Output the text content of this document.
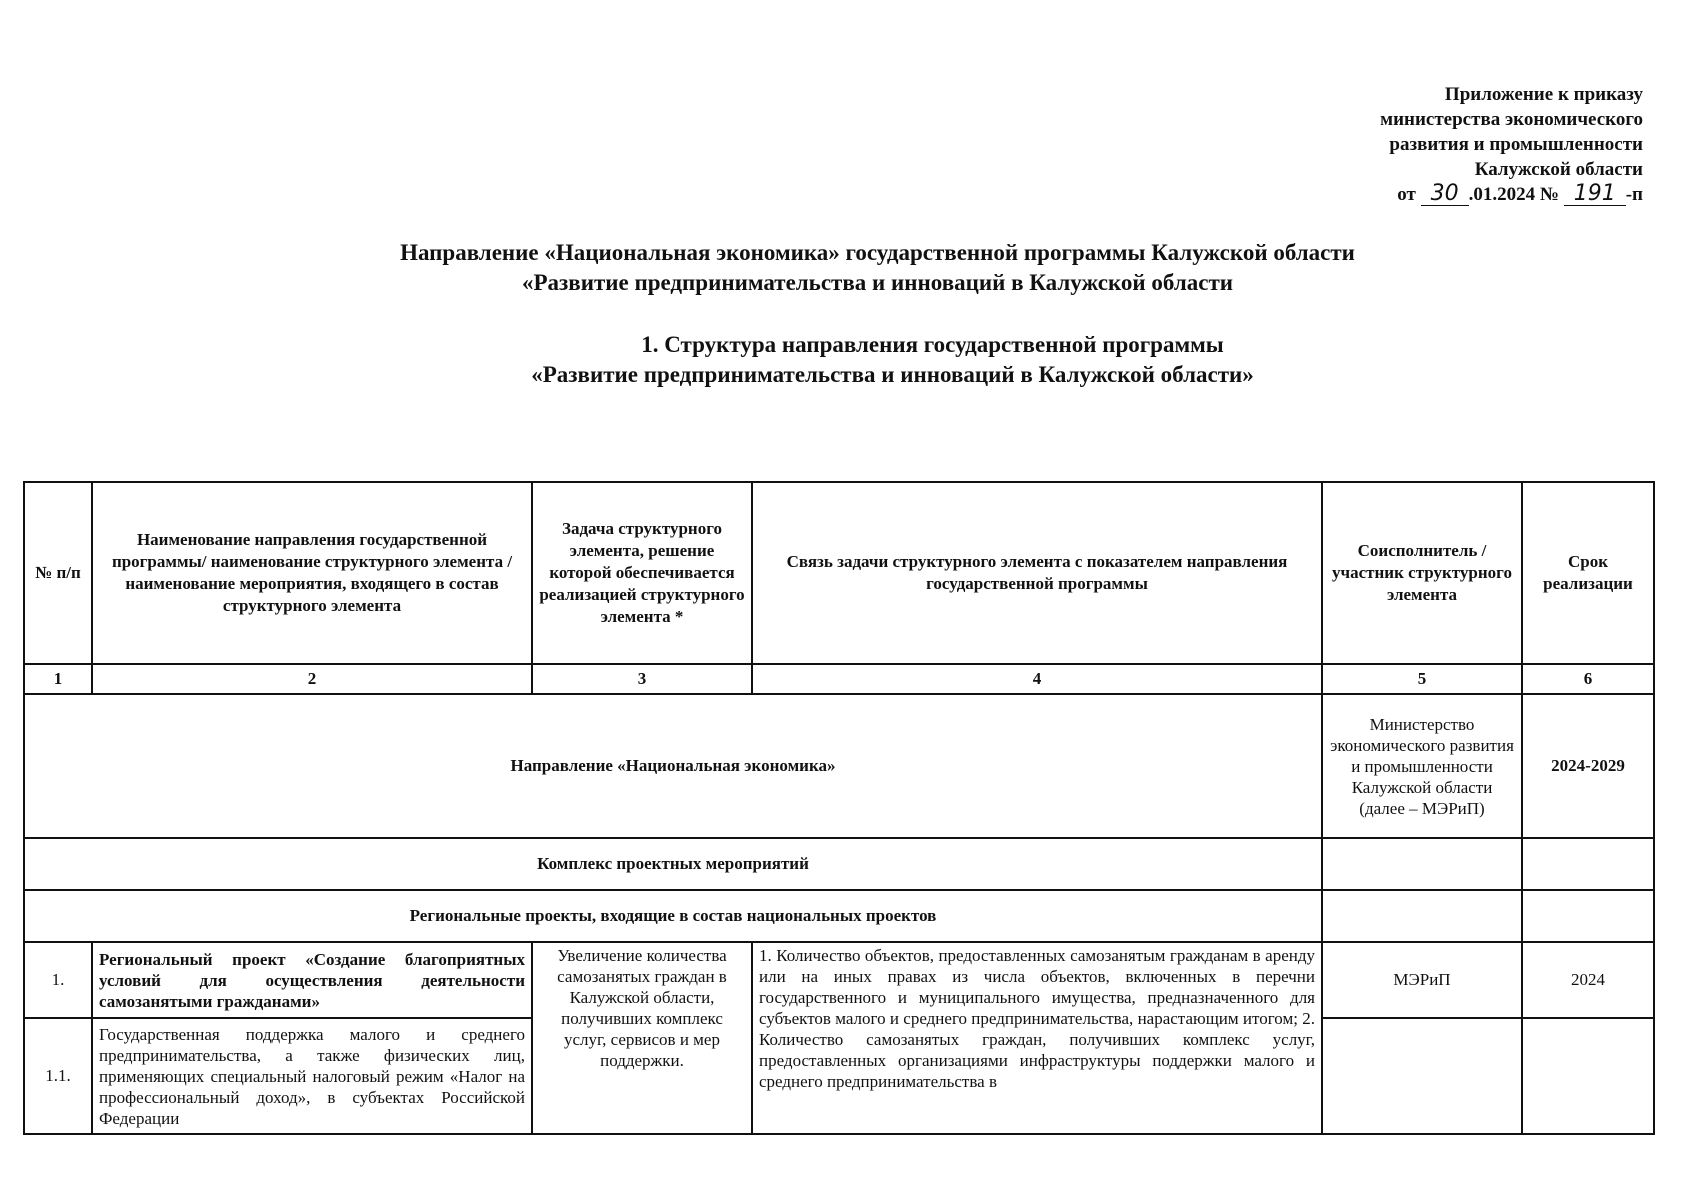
Приложение к приказу
министерства экономического
развития и промышленности
Калужской области
от 30 .01.2024 № 191 -п
Направление «Национальная экономика» государственной программы Калужской области
«Развитие предпринимательства и инноваций в Калужской области
1. Структура направления государственной программы
«Развитие предпринимательства и инноваций в Калужской области»
№ п/п	Наименование направления государственной программы/ наименование структурного элемента / наименование мероприятия, входящего в состав структурного элемента	Задача структурного элемента, решение которой обеспечивается реализацией структурного элемента *	Связь задачи структурного элемента с показателем направления государственной программы	Соисполнитель / участник структурного элемента	Срок реализации
1	2	3	4	5	6
Направление «Национальная экономика»				Министерство экономического развития и промышленности Калужской области (далее – МЭРиП)	2024-2029
Комплекс проектных мероприятий					
Региональные проекты, входящие в состав национальных проектов					
1.	Региональный проект «Создание благоприятных условий для осуществления деятельности самозанятыми гражданами»	Увеличение количества самозанятых граждан в Калужской области, получивших комплекс услуг, сервисов и мер поддержки.	1. Количество объектов, предоставленных самозанятым гражданам в аренду или на иных правах из числа объектов, включенных в перечни государственного и муниципального имущества, предназначенного для субъектов малого и среднего предпринимательства, нарастающим итогом; 2. Количество самозанятых граждан, получивших комплекс услуг, предоставленных организациями инфраструктуры поддержки малого и среднего предпринимательства в	МЭРиП	2024
1.1.	Государственная поддержка малого и среднего предпринимательства, а также физических лиц, применяющих специальный налоговый режим «Налог на профессиональный доход», в субъектах Российской Федерации				
